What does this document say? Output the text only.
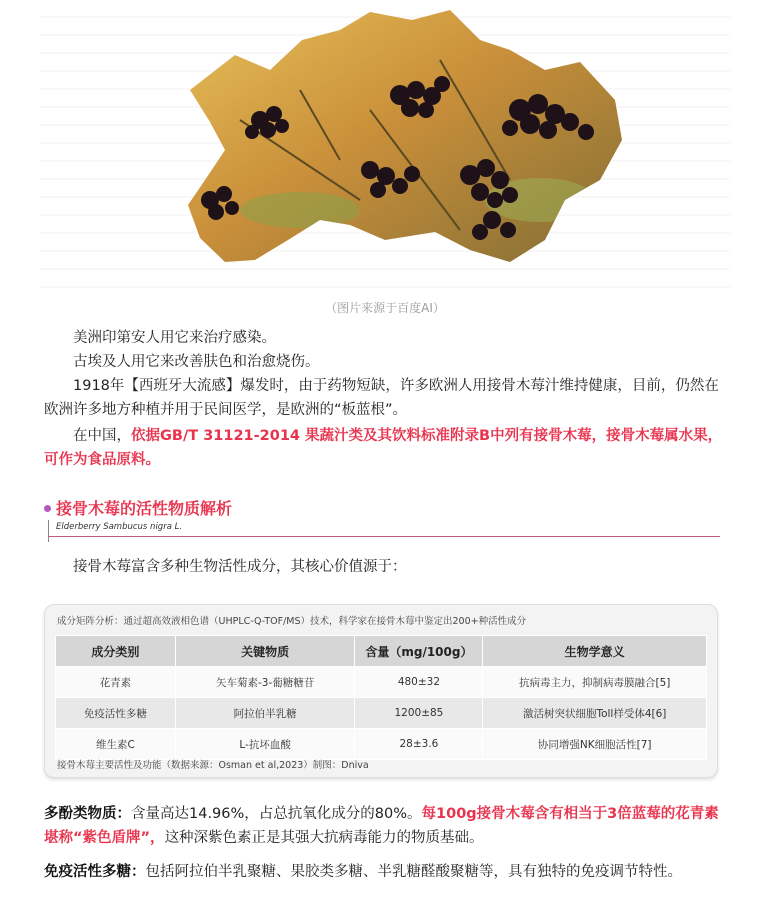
（图片来源于百度AI）
美洲印第安人用它来治疗感染。
古埃及人用它来改善肤色和治愈烧伤。
1918年【西班牙大流感】爆发时，由于药物短缺，许多欧洲人用接骨木莓汁维持健康，目前，仍然在欧洲许多地方种植并用于民间医学，是欧洲的“板蓝根”。
在中国，依据GB/T 31121-2014 果蔬汁类及其饮料标准附录B中列有接骨木莓，接骨木莓属水果，可作为食品原料。
接骨木莓的活性物质解析
Elderberry Sambucus nigra L.
接骨木莓富含多种生物活性成分，其核心价值源于：
成分矩阵分析：通过超高效液相色谱（UHPLC-Q-TOF/MS）技术，科学家在接骨木莓中鉴定出200+种活性成分
成分类别	关键物质	含量（mg/100g）	生物学意义
花青素	矢车菊素-3-葡糖糖苷	480±32	抗病毒主力，抑制病毒膜融合[5]
免疫活性多糖	阿拉伯半乳糖	1200±85	激活树突状细胞Toll样受体4[6]
维生素C	L-抗坏血酸	28±3.6	协同增强NK细胞活性[7]
接骨木莓主要活性及功能（数据来源：Osman et al,2023）制图：Dniva
多酚类物质：含量高达14.96%，占总抗氧化成分的80%。每100g接骨木莓含有相当于3倍蓝莓的花青素堪称“紫色盾牌”，这种深紫色素正是其强大抗病毒能力的物质基础。
免疫活性多糖：包括阿拉伯半乳聚糖、果胶类多糖、半乳糖醛酸聚糖等，具有独特的免疫调节特性。
